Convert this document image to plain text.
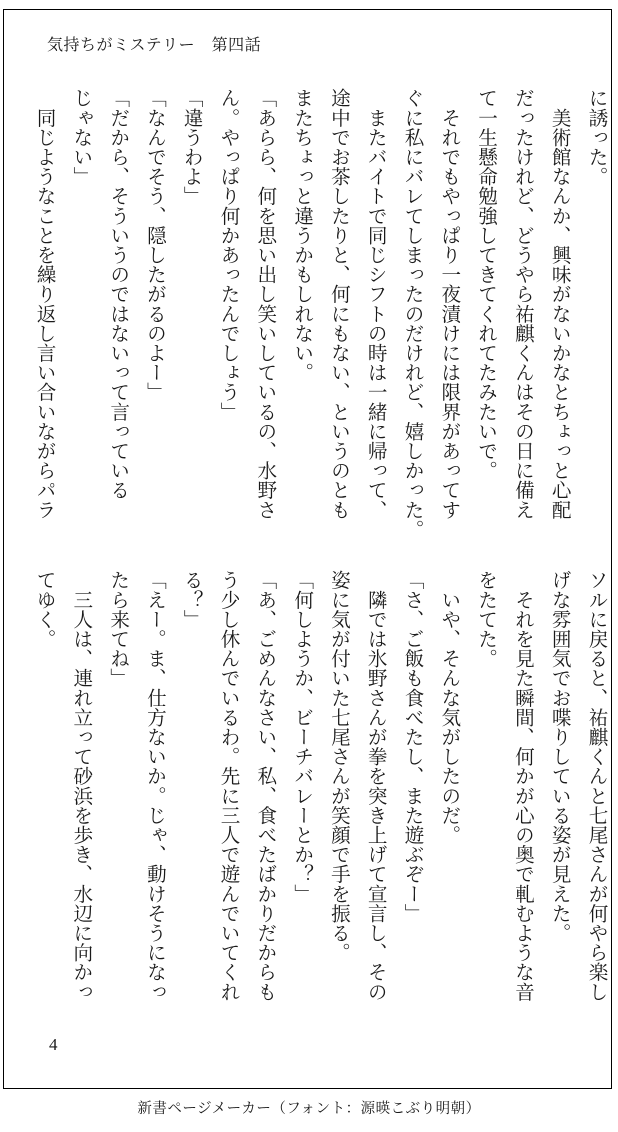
気持ちがミステリー　第四話

に誘った。

　美術館なんか、興味がないかなとちょっと心配

だったけれど、どうやら祐麒くんはその日に備え

て一生懸命勉強してきてくれてたみたいで。

　それでもやっぱり一夜漬けには限界があってす

ぐに私にバレてしまったのだけれど、嬉しかった。

　またバイトで同じシフトの時は一緒に帰って、

途中でお茶したりと、何にもない、というのとも

またちょっと違うかもしれない。

「あらら、何を思い出し笑いしているの、水野さ

ん。やっぱり何かあったんでしょう」

「違うわよ」

「なんでそう、隠したがるのよー」

「だから、そういうのではないって言っている

じゃない」

　同じようなことを繰り返し言い合いながらパラ

ソルに戻ると、祐麒くんと七尾さんが何やら楽し

げな雰囲気でお喋りしている姿が見えた。

　それを見た瞬間、何かが心の奥で軋むような音

をたてた。

　いや、そんな気がしたのだ。

「さ、ご飯も食べたし、また遊ぶぞー」

　隣では氷野さんが拳を突き上げて宣言し、その

姿に気が付いた七尾さんが笑顔で手を振る。

「何しようか、ビーチバレーとか？」

「あ、ごめんなさい、私、食べたばかりだからも

う少し休んでいるわ。先に三人で遊んでいてくれ

る？」

「えー。ま、仕方ないか。じゃ、動けそうになっ

たら来てね」

　三人は、連れ立って砂浜を歩き、水辺に向かっ

てゆく。

4
新書ページメーカー（フォント：源暎こぶり明朝）
